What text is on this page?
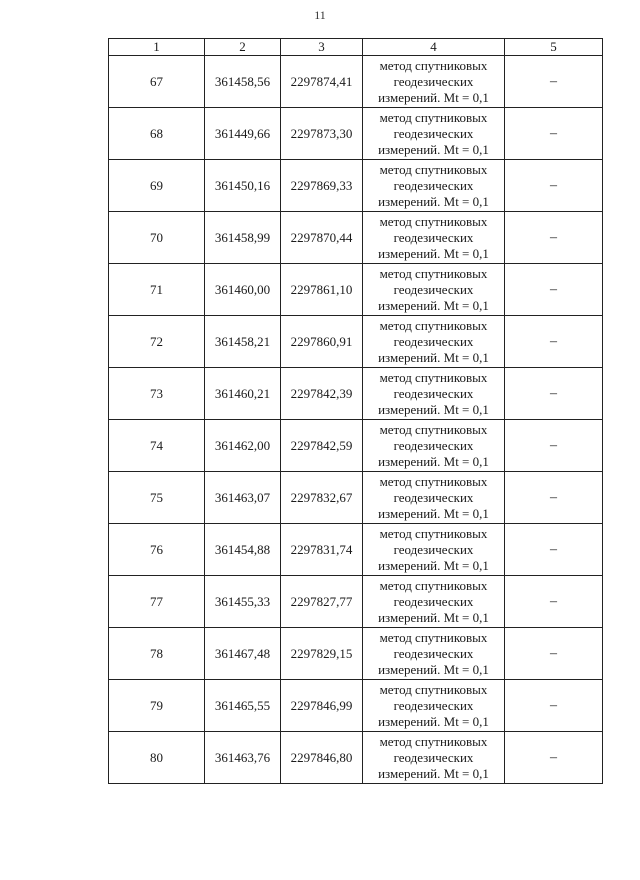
11
1	2	3	4	5
67	361458,56	2297874,41	метод спутниковых
геодезических
измерений. Mt = 0,1	–
68	361449,66	2297873,30	метод спутниковых
геодезических
измерений. Mt = 0,1	–
69	361450,16	2297869,33	метод спутниковых
геодезических
измерений. Mt = 0,1	–
70	361458,99	2297870,44	метод спутниковых
геодезических
измерений. Mt = 0,1	–
71	361460,00	2297861,10	метод спутниковых
геодезических
измерений. Mt = 0,1	–
72	361458,21	2297860,91	метод спутниковых
геодезических
измерений. Mt = 0,1	–
73	361460,21	2297842,39	метод спутниковых
геодезических
измерений. Mt = 0,1	–
74	361462,00	2297842,59	метод спутниковых
геодезических
измерений. Mt = 0,1	–
75	361463,07	2297832,67	метод спутниковых
геодезических
измерений. Mt = 0,1	–
76	361454,88	2297831,74	метод спутниковых
геодезических
измерений. Mt = 0,1	–
77	361455,33	2297827,77	метод спутниковых
геодезических
измерений. Mt = 0,1	–
78	361467,48	2297829,15	метод спутниковых
геодезических
измерений. Mt = 0,1	–
79	361465,55	2297846,99	метод спутниковых
геодезических
измерений. Mt = 0,1	–
80	361463,76	2297846,80	метод спутниковых
геодезических
измерений. Mt = 0,1	–
